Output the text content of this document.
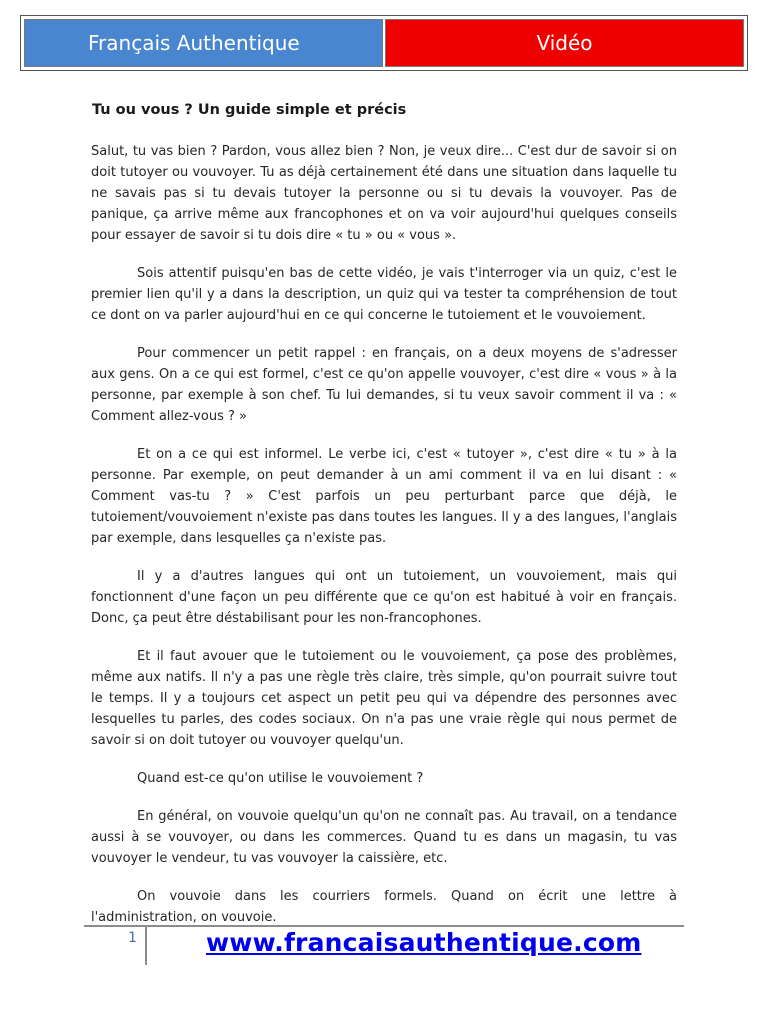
Français Authentique	Vidéo
Tu ou vous ? Un guide simple et précis

Salut, tu vas bien ? Pardon, vous allez bien ? Non, je veux dire... C'est dur de savoir si on doit tutoyer ou vouvoyer. Tu as déjà certainement été dans une situation dans laquelle tu ne savais pas si tu devais tutoyer la personne ou si tu devais la vouvoyer. Pas de panique, ça arrive même aux francophones et on va voir aujourd'hui quelques conseils pour essayer de savoir si tu dois dire « tu » ou « vous ».

Sois attentif puisqu'en bas de cette vidéo, je vais t'interroger via un quiz, c'est le premier lien qu'il y a dans la description, un quiz qui va tester ta compréhension de tout ce dont on va parler aujourd'hui en ce qui concerne le tutoiement et le vouvoiement.

Pour commencer un petit rappel : en français, on a deux moyens de s'adresser aux gens. On a ce qui est formel, c'est ce qu'on appelle vouvoyer, c'est dire « vous » à la personne, par exemple à son chef. Tu lui demandes, si tu veux savoir comment il va : « Comment allez-vous ? »

Et on a ce qui est informel. Le verbe ici, c'est « tutoyer », c'est dire « tu » à la personne. Par exemple, on peut demander à un ami comment il va en lui disant : « Comment vas-tu ? » C'est parfois un peu perturbant parce que déjà, le tutoiement/vouvoiement n'existe pas dans toutes les langues. Il y a des langues, l'anglais par exemple, dans lesquelles ça n'existe pas.

Il y a d'autres langues qui ont un tutoiement, un vouvoiement, mais qui fonctionnent d'une façon un peu différente que ce qu'on est habitué à voir en français. Donc, ça peut être déstabilisant pour les non-francophones.

Et il faut avouer que le tutoiement ou le vouvoiement, ça pose des problèmes, même aux natifs. Il n'y a pas une règle très claire, très simple, qu'on pourrait suivre tout le temps. Il y a toujours cet aspect un petit peu qui va dépendre des personnes avec lesquelles tu parles, des codes sociaux. On n'a pas une vraie règle qui nous permet de savoir si on doit tutoyer ou vouvoyer quelqu'un.

Quand est-ce qu'on utilise le vouvoiement ?

En général, on vouvoie quelqu'un qu'on ne connaît pas. Au travail, on a tendance aussi à se vouvoyer, ou dans les commerces. Quand tu es dans un magasin, tu vas vouvoyer le vendeur, tu vas vouvoyer la caissière, etc.

On vouvoie dans les courriers formels. Quand on écrit une lettre à l'administration, on vouvoie.

1	www.francaisauthentique.com
